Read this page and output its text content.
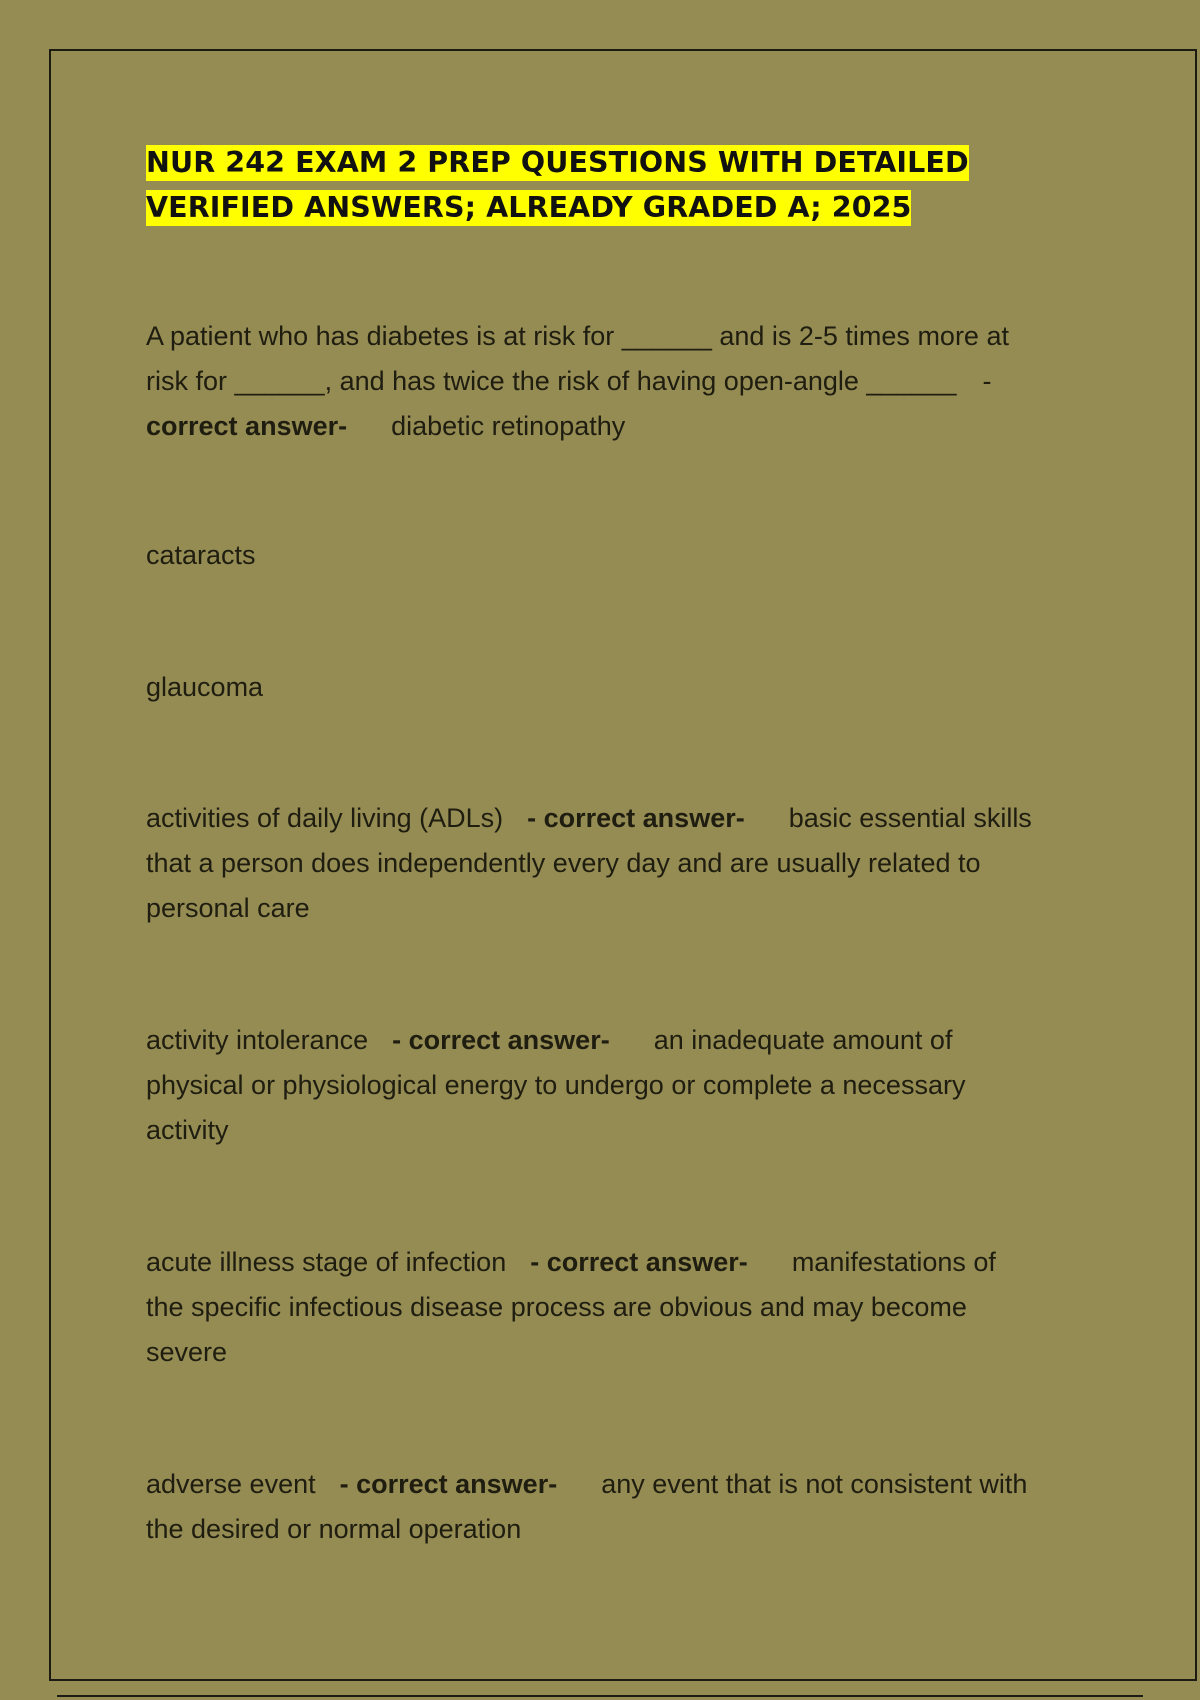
NUR 242 EXAM 2 PREP QUESTIONS WITH DETAILED
VERIFIED ANSWERS; ALREADY GRADED A; 2025

A patient who has diabetes is at risk for ______ and is 2-5 times more at
risk for ______, and has twice the risk of having open-angle ______ -
correct answer- diabetic retinopathy

cataracts

glaucoma

activities of daily living (ADLs) - correct answer- basic essential skills
that a person does independently every day and are usually related to
personal care

activity intolerance - correct answer- an inadequate amount of
physical or physiological energy to undergo or complete a necessary
activity

acute illness stage of infection - correct answer- manifestations of
the specific infectious disease process are obvious and may become
severe

adverse event - correct answer- any event that is not consistent with
the desired or normal operation
